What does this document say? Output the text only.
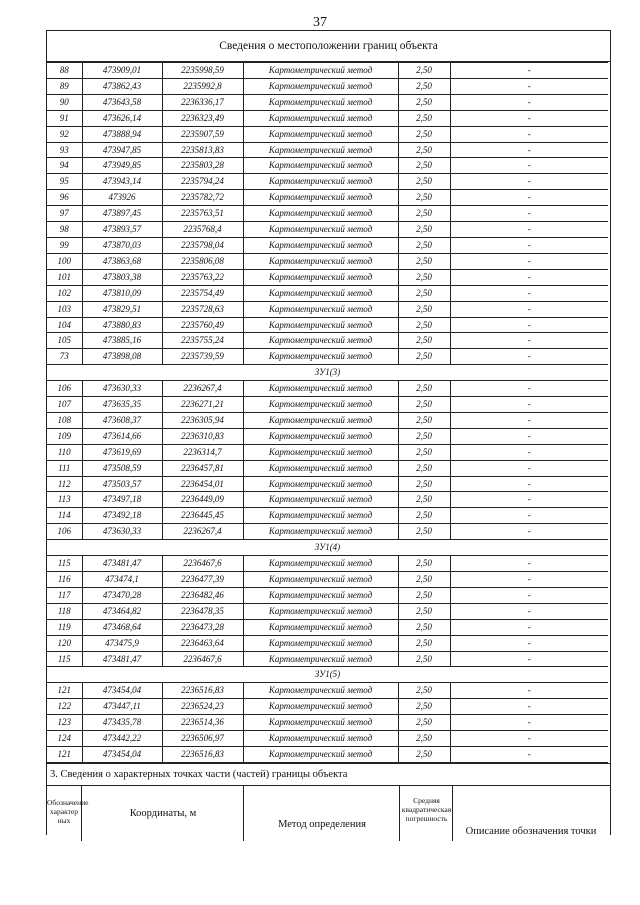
37
Сведения о местоположении границ объекта
88	473909,01	2235998,59	Картометрический метод	2,50	-
89	473862,43	2235992,8	Картометрический метод	2,50	-
90	473643,58	2236336,17	Картометрический метод	2,50	-
91	473626,14	2236323,49	Картометрический метод	2,50	-
92	473888,94	2235907,59	Картометрический метод	2,50	-
93	473947,85	2235813,83	Картометрический метод	2,50	-
94	473949,85	2235803,28	Картометрический метод	2,50	-
95	473943,14	2235794,24	Картометрический метод	2,50	-
96	473926	2235782,72	Картометрический метод	2,50	-
97	473897,45	2235763,51	Картометрический метод	2,50	-
98	473893,57	2235768,4	Картометрический метод	2,50	-
99	473870,03	2235798,04	Картометрический метод	2,50	-
100	473863,68	2235806,08	Картометрический метод	2,50	-
101	473803,38	2235763,22	Картометрический метод	2,50	-
102	473810,09	2235754,49	Картометрический метод	2,50	-
103	473829,51	2235728,63	Картометрический метод	2,50	-
104	473880,83	2235760,49	Картометрический метод	2,50	-
105	473885,16	2235755,24	Картометрический метод	2,50	-
73	473898,08	2235739,59	Картометрический метод	2,50	-
ЗУ1(3)					
106	473630,33	2236267,4	Картометрический метод	2,50	-
107	473635,35	2236271,21	Картометрический метод	2,50	-
108	473608,37	2236305,94	Картометрический метод	2,50	-
109	473614,66	2236310,83	Картометрический метод	2,50	-
110	473619,69	2236314,7	Картометрический метод	2,50	-
111	473508,59	2236457,81	Картометрический метод	2,50	-
112	473503,57	2236454,01	Картометрический метод	2,50	-
113	473497,18	2236449,09	Картометрический метод	2,50	-
114	473492,18	2236445,45	Картометрический метод	2,50	-
106	473630,33	2236267,4	Картометрический метод	2,50	-
ЗУ1(4)					
115	473481,47	2236467,6	Картометрический метод	2,50	-
116	473474,1	2236477,39	Картометрический метод	2,50	-
117	473470,28	2236482,46	Картометрический метод	2,50	-
118	473464,82	2236478,35	Картометрический метод	2,50	-
119	473468,64	2236473,28	Картометрический метод	2,50	-
120	473475,9	2236463,64	Картометрический метод	2,50	-
115	473481,47	2236467,6	Картометрический метод	2,50	-
ЗУ1(5)					
121	473454,04	2236516,83	Картометрический метод	2,50	-
122	473447,11	2236524,23	Картометрический метод	2,50	-
123	473435,78	2236514,36	Картометрический метод	2,50	-
124	473442,22	2236506,97	Картометрический метод	2,50	-
121	473454,04	2236516,83	Картометрический метод	2,50	-
3. Сведения о характерных точках части (частей) границы объекта
Обозначение характер ных
Координаты, м
Метод определения
Средняя квадратическая погрешность
Описание обозначения точки
